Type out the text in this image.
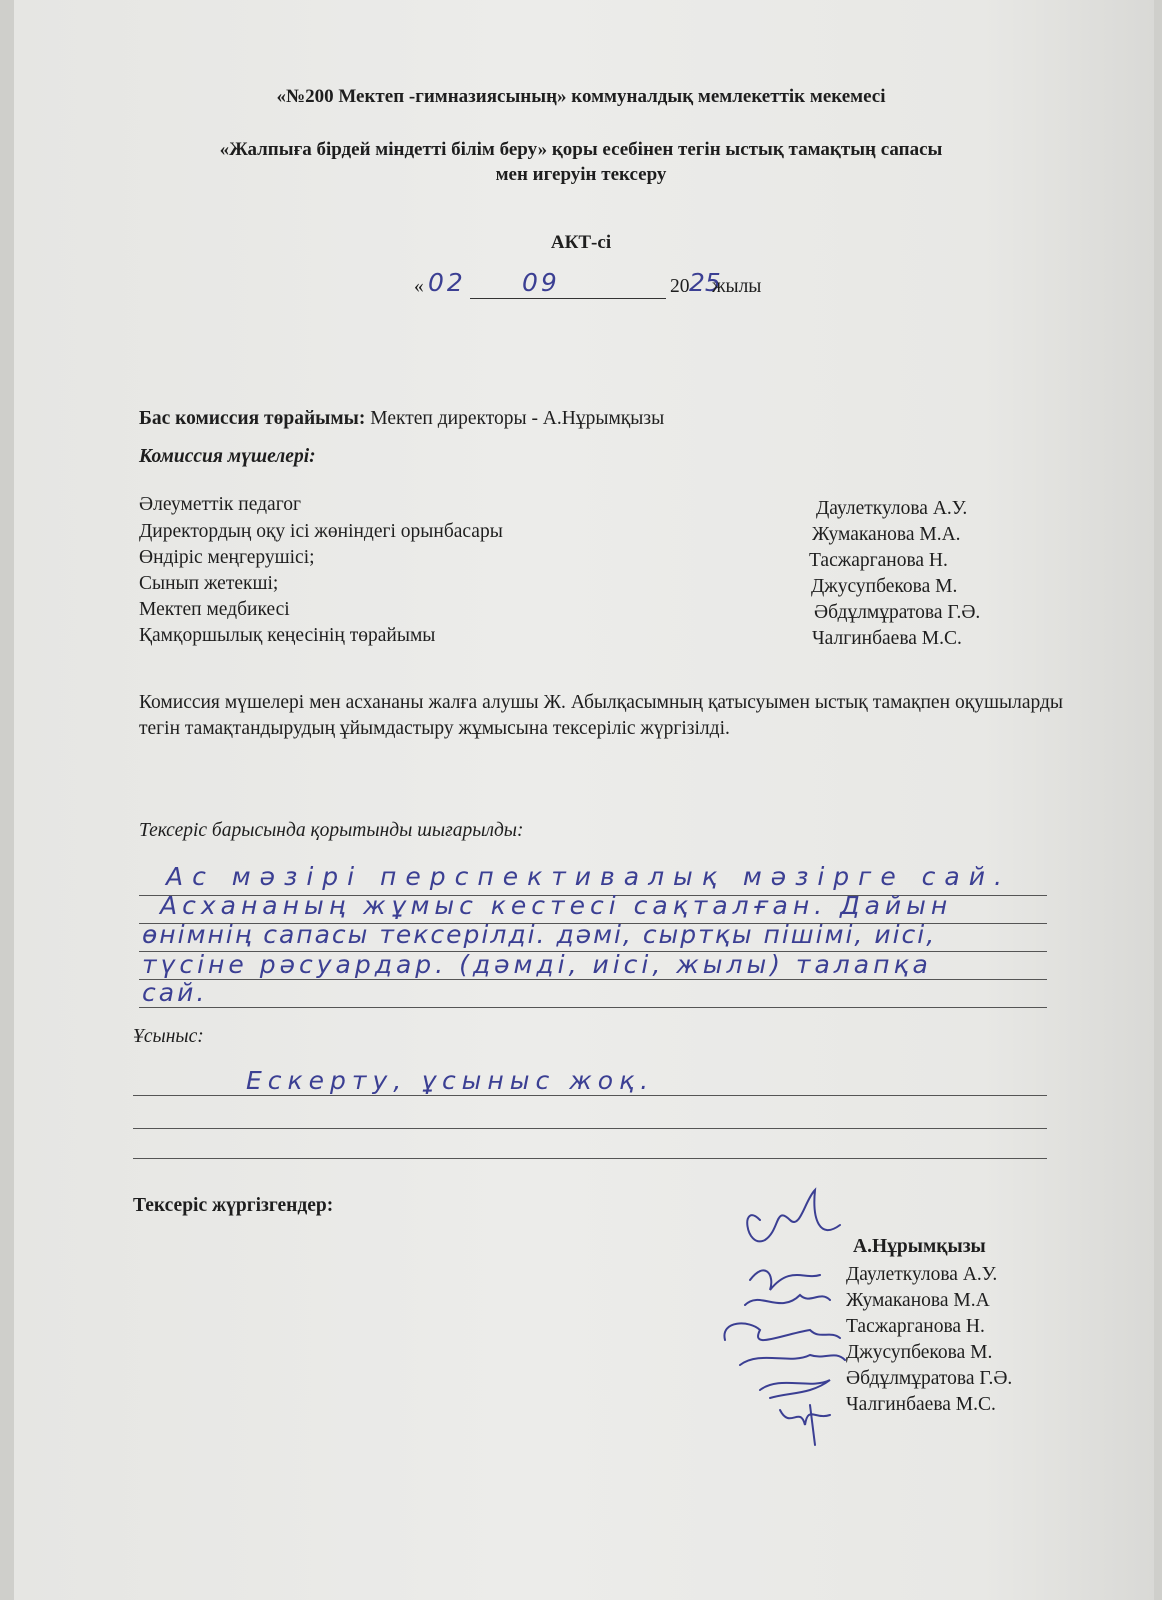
«№200 Мектеп -гимназиясының» коммуналдық мемлекеттік мекемесі
«Жалпыға бірдей міндетті білім беру» қоры есебінен тегін ыстық тамақтың сапасы
мен игеруін тексеру
АКТ-сі
« 02 09	20 25
жылы
Бас комиссия төрайымы: Мектеп директоры - А.Нұрымқызы
Комиссия мүшелері:
Әлеуметтік педагог	Даулеткулова А.У.
Директордың оқу ісі жөніндегі орынбасары	Жумаканова М.А.
Өндіріс меңгерушісі;	Тасжарганова Н.
Сынып жетекші;	Джусупбекова М.
Мектеп медбикесі	Әбдұлмұратова Г.Ә.
Қамқоршылық кеңесінің төрайымы	Чалгинбаева М.С.
Комиссия мүшелері мен асхананы жалға алушы Ж. Абылқасымның қатысуымен ыстық тамақпен оқушыларды тегін тамақтандырудың ұйымдастыру жұмысына тексеріліс жүргізілді.
Тексеріс барысында қорытынды шығарылды:
Ас мәзірі перспективалық мәзірге сай.
Асхананың жұмыс кестесі сақталған. Дайын
өнімнің сапасы тексерілді. дәмі, сыртқы пішімі, иісі,
түсіне рәсуардар. (дәмді, иісі, жылы) талапқа
сай.
Ұсыныс:
Ескерту, ұсыныс жоқ.
Тексеріс жүргізгендер:
А.Нұрымқызы
Даулеткулова А.У.
Жумаканова М.А
Тасжарганова Н.
Джусупбекова М.
Әбдұлмұратова Г.Ә.
Чалгинбаева М.С.
